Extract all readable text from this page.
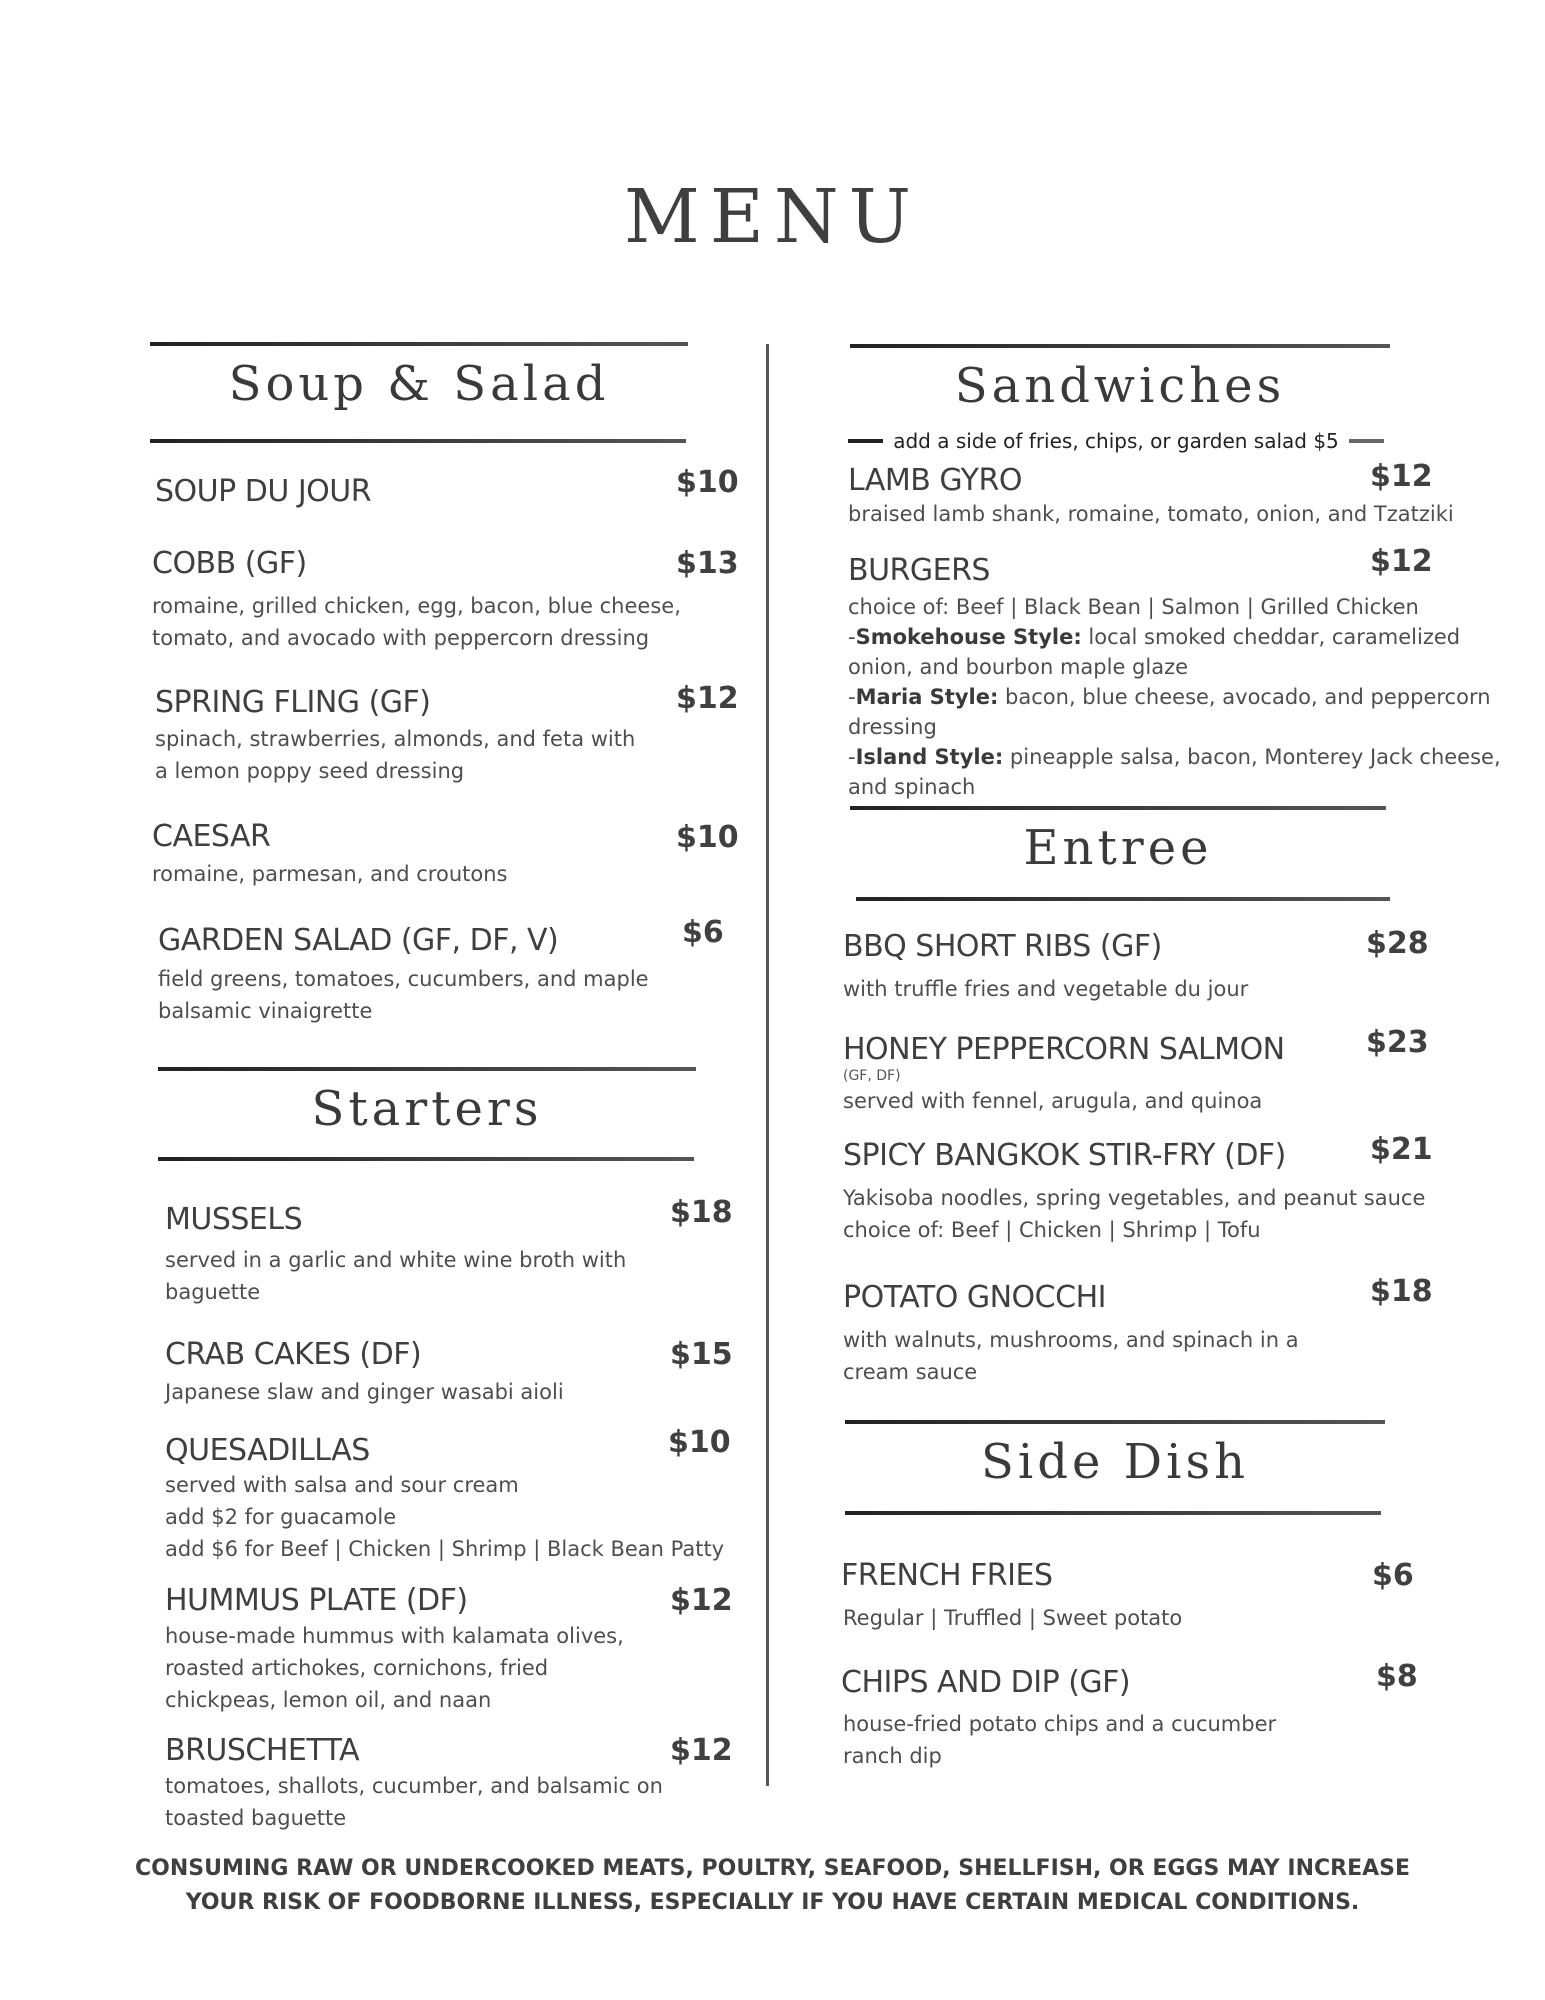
MENU
Soup & Salad
SOUP DU JOUR	$10
COBB (GF)	$13
romaine, grilled chicken, egg, bacon, blue cheese,
tomato, and avocado with peppercorn dressing
SPRING FLING (GF)	$12
spinach, strawberries, almonds, and feta with
a lemon poppy seed dressing
CAESAR	$10
romaine, parmesan, and croutons
GARDEN SALAD (GF, DF, V)	$6
field greens, tomatoes, cucumbers, and maple
balsamic vinaigrette
Starters
MUSSELS	$18
served in a garlic and white wine broth with
baguette
CRAB CAKES (DF)	$15
Japanese slaw and ginger wasabi aioli
QUESADILLAS	$10
served with salsa and sour cream
add $2 for guacamole
add $6 for Beef | Chicken | Shrimp | Black Bean Patty
HUMMUS PLATE (DF)	$12
house-made hummus with kalamata olives,
roasted artichokes, cornichons, fried
chickpeas, lemon oil, and naan
BRUSCHETTA	$12
tomatoes, shallots, cucumber, and balsamic on
toasted baguette
Sandwiches
add a side of fries, chips, or garden salad $5
LAMB GYRO	$12
braised lamb shank, romaine, tomato, onion, and Tzatziki
BURGERS	$12
choice of: Beef | Black Bean | Salmon | Grilled Chicken
-Smokehouse Style: local smoked cheddar, caramelized
onion, and bourbon maple glaze
-Maria Style: bacon, blue cheese, avocado, and peppercorn
dressing
-Island Style: pineapple salsa, bacon, Monterey Jack cheese,
and spinach
Entree
BBQ SHORT RIBS (GF)	$28
with truffle fries and vegetable du jour
HONEY PEPPERCORN SALMON	$23
(GF, DF)
served with fennel, arugula, and quinoa
SPICY BANGKOK STIR-FRY (DF)	$21
Yakisoba noodles, spring vegetables, and peanut sauce
choice of: Beef | Chicken | Shrimp | Tofu
POTATO GNOCCHI	$18
with walnuts, mushrooms, and spinach in a
cream sauce
Side Dish
FRENCH FRIES	$6
Regular | Truffled | Sweet potato
CHIPS AND DIP (GF)	$8
house-fried potato chips and a cucumber
ranch dip
CONSUMING RAW OR UNDERCOOKED MEATS, POULTRY, SEAFOOD, SHELLFISH, OR EGGS MAY INCREASE
YOUR RISK OF FOODBORNE ILLNESS, ESPECIALLY IF YOU HAVE CERTAIN MEDICAL CONDITIONS.
